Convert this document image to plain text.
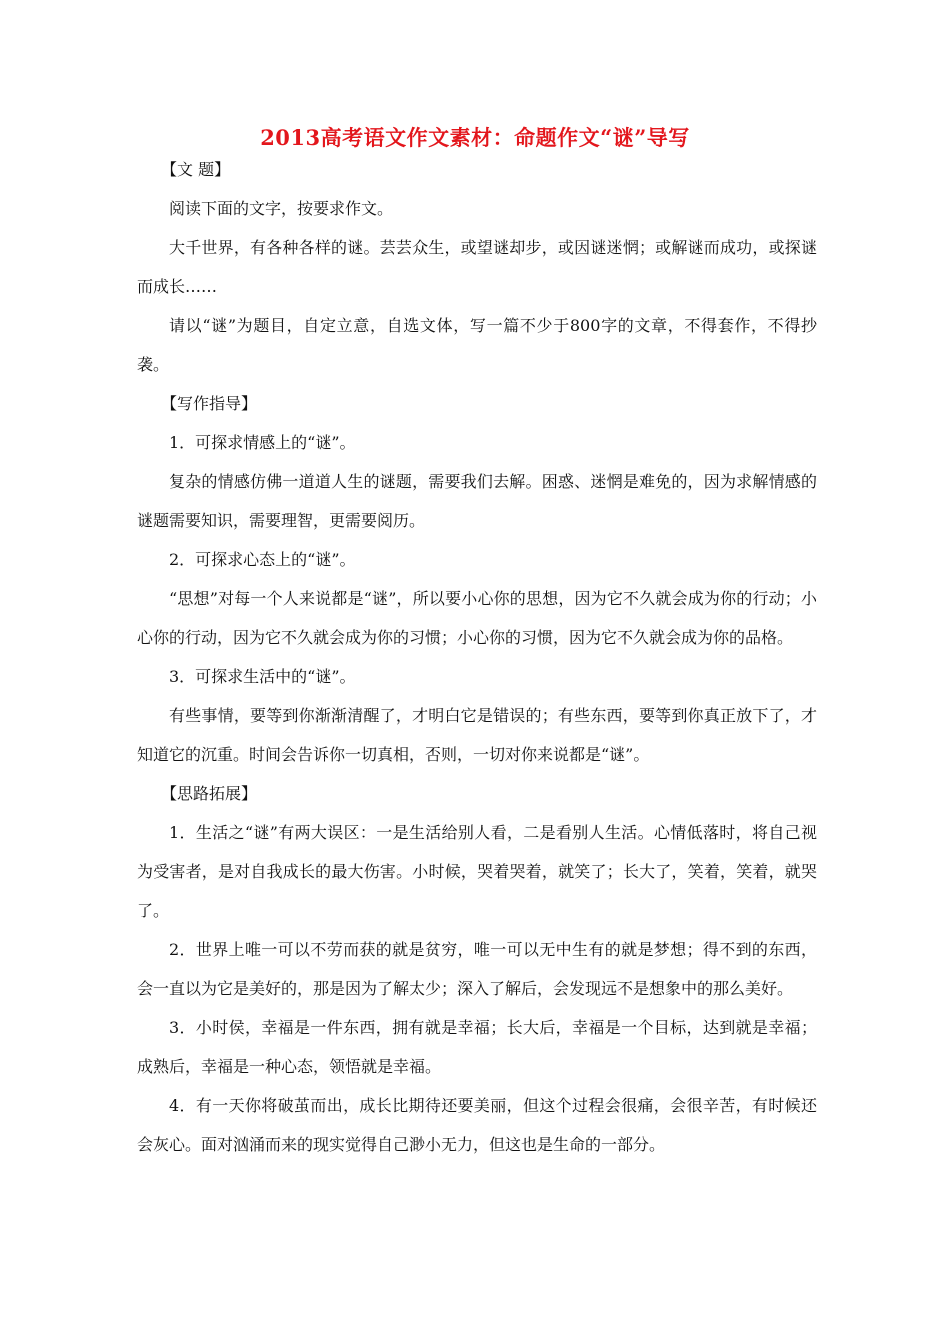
2013高考语文作文素材：命题作文“谜”导写

【文 题】

阅读下面的文字，按要求作文。

大千世界，有各种各样的谜。芸芸众生，或望谜却步，或因谜迷惘；或解谜而成功，或探谜而成长……

请以“谜”为题目，自定立意，自选文体，写一篇不少于800字的文章，不得套作，不得抄袭。

【写作指导】

1．可探求情感上的“谜”。

复杂的情感仿佛一道道人生的谜题，需要我们去解。困惑、迷惘是难免的，因为求解情感的谜题需要知识，需要理智，更需要阅历。

2．可探求心态上的“谜”。

“思想”对每一个人来说都是“谜”，所以要小心你的思想，因为它不久就会成为你的行动；小心你的行动，因为它不久就会成为你的习惯；小心你的习惯，因为它不久就会成为你的品格。

3．可探求生活中的“谜”。

有些事情，要等到你渐渐清醒了，才明白它是错误的；有些东西，要等到你真正放下了，才知道它的沉重。时间会告诉你一切真相，否则，一切对你来说都是“谜”。

【思路拓展】

1．生活之“谜”有两大误区：一是生活给别人看，二是看别人生活。心情低落时，将自己视为受害者，是对自我成长的最大伤害。小时候，哭着哭着，就笑了；长大了，笑着，笑着，就哭了。

2．世界上唯一可以不劳而获的就是贫穷，唯一可以无中生有的就是梦想；得不到的东西，会一直以为它是美好的，那是因为了解太少；深入了解后，会发现远不是想象中的那么美好。

3．小时侯，幸福是一件东西，拥有就是幸福；长大后，幸福是一个目标，达到就是幸福；成熟后，幸福是一种心态，领悟就是幸福。

4．有一天你将破茧而出，成长比期待还要美丽，但这个过程会很痛，会很辛苦，有时候还会灰心。面对汹涌而来的现实觉得自己渺小无力，但这也是生命的一部分。
